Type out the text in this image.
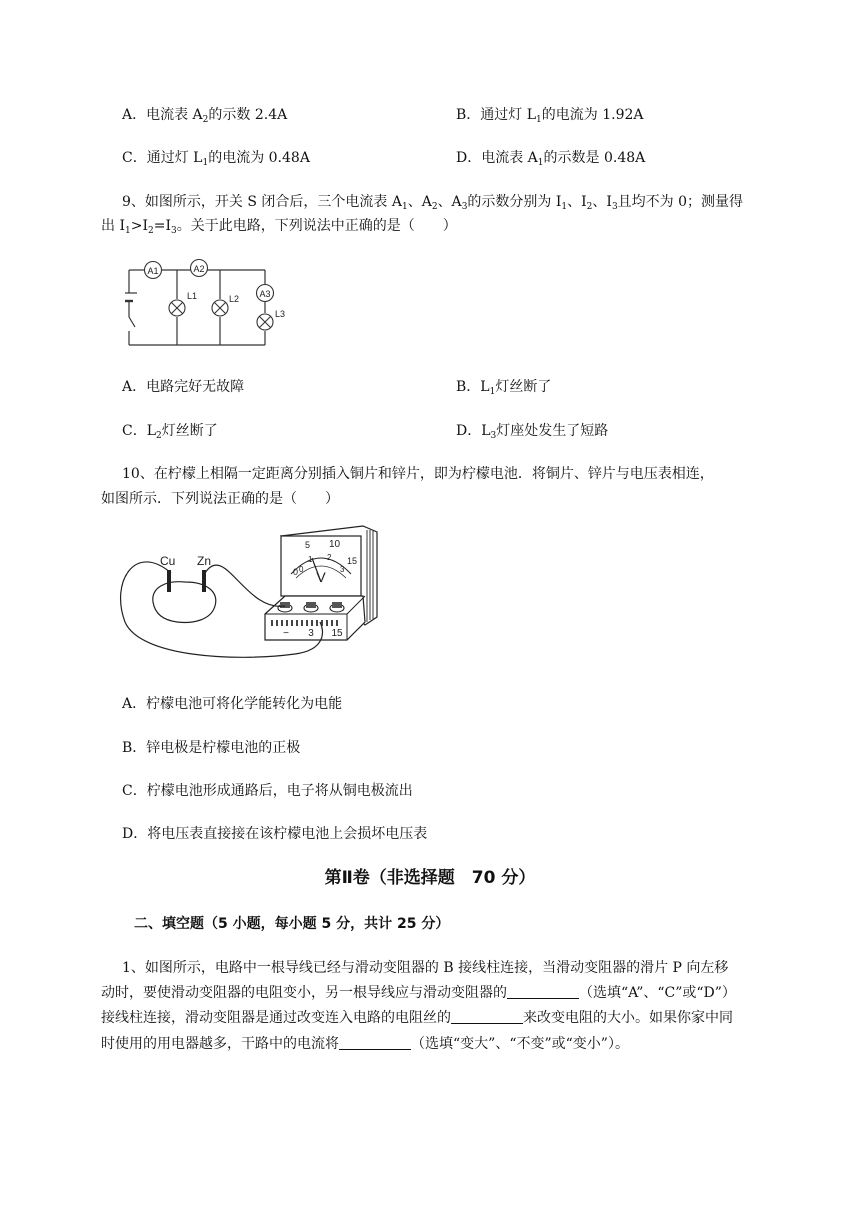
A．电流表 $A_2$的示数 2.4A	B．通过灯 $L_1$的电流为 1.92A
C．通过灯 $L_1$的电流为 0.48A	D．电流表 $A_1$的示数是 0.48A
9、如图所示，开关 S 闭合后，三个电流表 $A_1$、$A_2$、$A_3$的示数分别为 $I_1$、$I_2$、$I_3$且均不为 0；测量得
出 $I_1>I_2=I_3$。关于此电路，下列说法中正确的是（　　）
A1	A2
A3
L1	L2
L3
A．电路完好无故障	B．$L_1$灯丝断了
C．$L_2$灯丝断了	D．$L_3$灯座处发生了短路
10、在柠檬上相隔一定距离分别插入铜片和锌片，即为柠檬电池．将铜片、锌片与电压表相连，
如图所示．下列说法正确的是（　　）
0
5 10
15
0
1 2
3
V
− 3 15
Cu Zn
A．柠檬电池可将化学能转化为电能
B．锌电极是柠檬电池的正极
C．柠檬电池形成通路后，电子将从铜电极流出
D．将电压表直接接在该柠檬电池上会损坏电压表
第Ⅱ卷（非选择题　70 分）
二、填空题（5 小题，每小题 5 分，共计 25 分）
1、如图所示，电路中一根导线已经与滑动变阻器的 B 接线柱连接，当滑动变阻器的滑片 P 向左移
动时，要使滑动变阻器的电阻变小，另一根导线应与滑动变阻器的	（选填“A”、“C”或“D”）
接线柱连接，滑动变阻器是通过改变连入电路的电阻丝的	来改变电阻的大小。如果你家中同
时使用的用电器越多，干路中的电流将	（选填“变大”、“不变”或“变小”）。
